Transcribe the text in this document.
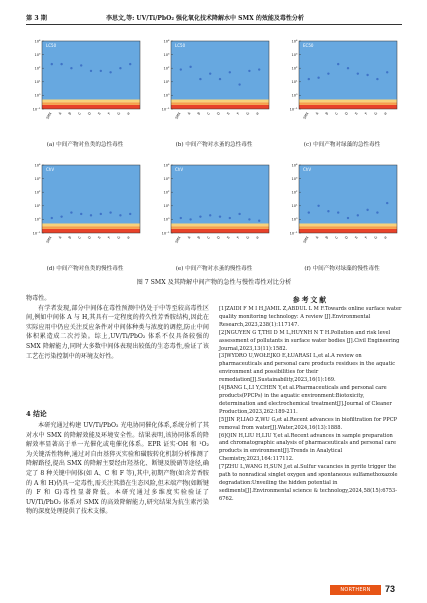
第 3 期	李思文,等: UV/Ti/PbO₂ 强化氧化技术降解水中 SMX 的效能及毒性分析
10⁻¹
10⁰
10¹
10²
10³
10⁴
LC50
SMX A B C D E F G H
(a) 中间产物对鱼类的急性毒性
10⁻¹
10⁰
10¹
10²
10³
10⁴
LC50
SMX A B C D E F G H
(b) 中间产物对水蚤的急性毒性
10⁻¹
10⁰
10¹
10²
10³
10⁴
EC50
SMX A B C D E F G H
(c) 中间产物对绿藻的急性毒性
10⁻¹
10⁰
10¹
10²
10³
10⁴
ChV
SMX A B C D E F G H
(d) 中间产物对鱼类的慢性毒性
10⁻¹
10⁰
10¹
10²
10³
10⁴
ChV
SMX A B C D E F G H
(e) 中间产物对水蚤的慢性毒性
10⁻¹
10⁰
10¹
10²
10³
10⁴
ChV
SMX A B C D E F G H
(f) 中间产物对绿藻的慢性毒性
图 7 SMX 及其降解中间产物的急性与慢性毒性对比分析

物毒性。

有学者发现,部分中间体在毒性预测中仍处于中等至较高毒性区间,例如中间体 A 与 H,其具有一定程度的持久性芳香胺结构,因此在实际应用中仍应关注反应条件对中间体种类与浓度的调控,防止中间体积累造成二次污染。综上,UV/Ti/PbO₂ 体系不仅具备较强的 SMX 降解能力,同时大多数中间体表现出较低的生态毒性,验证了该工艺在污染控制中的环境友好性。

4 结论

本研究通过构建 UV/Ti/PbO₂ 光电协同催化体系,系统分析了其对水中 SMX 的降解效能及环境安全性。结果表明,该协同体系的降解效率显著高于单一光催化或电催化体系。EPR 证实·OH 和 ¹O₂ 为关键活性物种,通过对自由基猝灭实验和磺胺转化机制分析推测了降解路径,提出 SMX 的降解主要经由羟基化、断键及脱硝等途径,确定了 8 种关键中间体(如 A、C 和 F 等),其中,初期产物(如含芳香胺的 A 和 H)仍具一定毒性,需关注其潜在生态风险,但末端产物(如断键的 F 和 G)毒性显著降低。本研究通过多维度实验验证了 UV/Ti/PbO₂ 体系对 SMX 的高效降解能力,研究结果为抗生素污染物的深度处理提供了技术支撑。

参考文献

[1]ZAIDI F M I H,JAMIL Z,ABDUL L M F.Towards online surface water quality monitoring technology: A review [J].Environmental Research,2023,238(1):117147.

[2]NGUYEN G T,THI D M L,HUYNH N T H.Pollution and risk level assessment of pollutants in surface water bodies [J].Civil Engineering Journal,2023,13(11):1582.

[3]WYDRO U,WOŁEJKO E,ŁUARASI L,et al.A review on pharmaceuticals and personal care products residues in the aquatic environment and possibilities for their remediation[J].Sustainability,2023,16(1):169.

[4]BANG L,LI Y,CHEN Y,et al.Pharmaceuticals and personal care products(PPCPs) in the aquatic environment:Biotoxicity, determination and electrochemical treatment[J].Journal of Cleaner Production,2023,262:189-211.

[5]JIN P,LIAO Z,WU G,et al.Recent advances in biofiltration for PPCP removal from water[J].Water,2024,16(13):1888.

[6]QIN H,LIU H,LIU Y,et al.Recent advances in sample preparation and chromatographic analysis of pharmaceuticals and personal care products in environment[J].Trends in Analytical Chemistry,2023,164:117112.

[7]ZHU L,WANG H,SUN J,et al.Sulfur vacancies in pyrite trigger the path to nonradical singlet oxygen and spontaneous sulfamethoxazole degradation:Unveiling the hidden potential in sediments[J].Environmental science & technology,2024,58(15):6753-6762.

NORTHERN BUILDING
73
